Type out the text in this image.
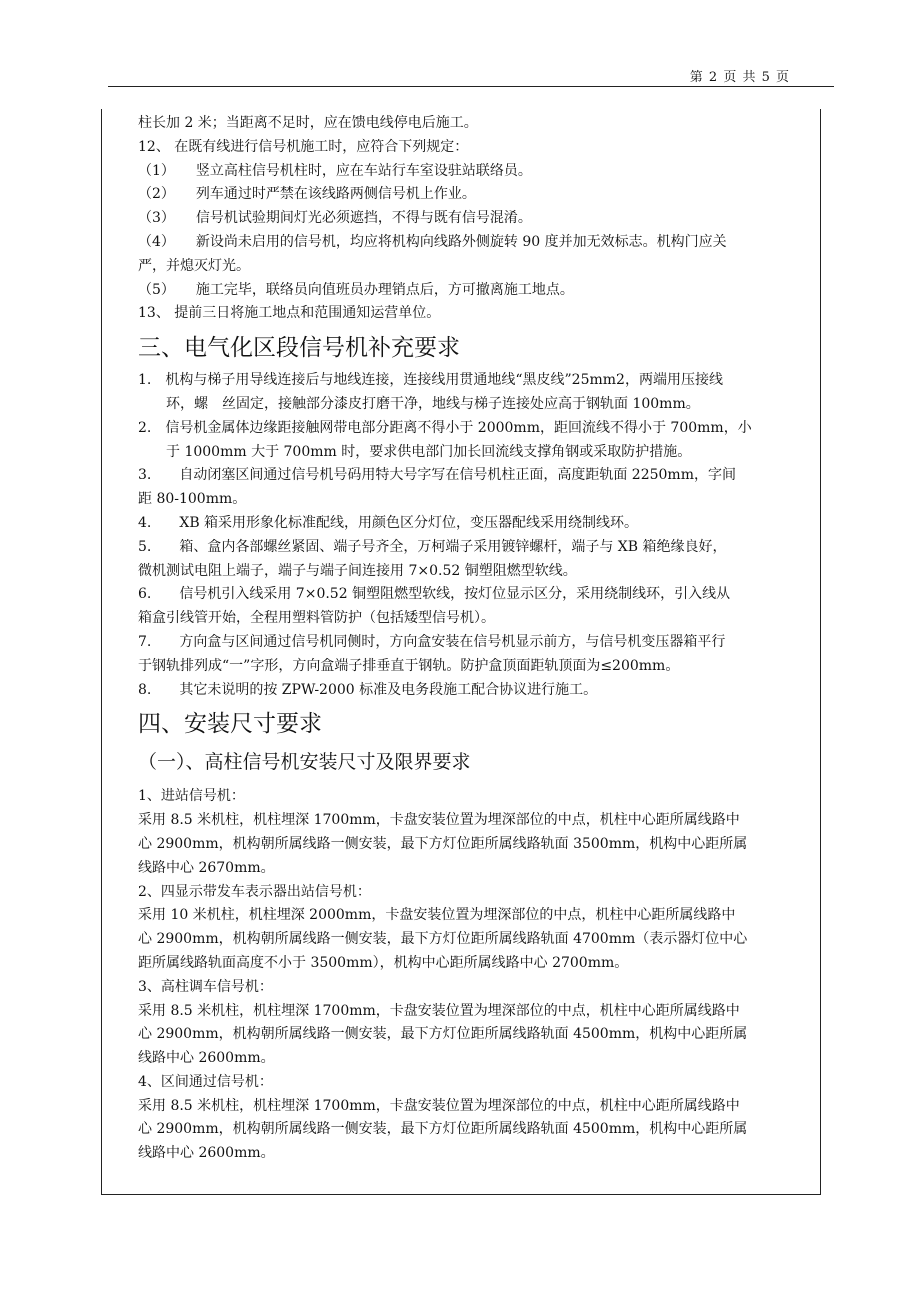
第 2 页 共 5 页
柱长加 2 米；当距离不足时，应在馈电线停电后施工。
12、 在既有线进行信号机施工时，应符合下列规定：
（1）　　竖立高柱信号机柱时，应在车站行车室设驻站联络员。
（2）　　列车通过时严禁在该线路两侧信号机上作业。
（3）　　信号机试验期间灯光必须遮挡，不得与既有信号混淆。
（4）　　新设尚未启用的信号机，均应将机构向线路外侧旋转 90 度并加无效标志。机构门应关
严，并熄灭灯光。
（5）　　施工完毕，联络员向值班员办理销点后，方可撤离施工地点。
13、 提前三日将施工地点和范围通知运营单位。
三、电气化区段信号机补充要求
1.　机构与梯子用导线连接后与地线连接，连接线用贯通地线“黑皮线”25mm2，两端用压接线
　　环，螺　丝固定，接触部分漆皮打磨干净，地线与梯子连接处应高于钢轨面 100mm。
2.　信号机金属体边缘距接触网带电部分距离不得小于 2000mm，距回流线不得小于 700mm，小
　　于 1000mm 大于 700mm 时，要求供电部门加长回流线支撑角钢或采取防护措施。
3.　　自动闭塞区间通过信号机号码用特大号字写在信号机柱正面，高度距轨面 2250mm，字间
距 80-100mm。
4.　　XB 箱采用形象化标准配线，用颜色区分灯位，变压器配线采用绕制线环。
5.　　箱、盒内各部螺丝紧固、端子号齐全，万柯端子采用镀锌螺杆，端子与 XB 箱绝缘良好，
微机测试电阻上端子，端子与端子间连接用 7×0.52 铜塑阻燃型软线。
6.　　信号机引入线采用 7×0.52 铜塑阻燃型软线，按灯位显示区分，采用绕制线环，引入线从
箱盒引线管开始，全程用塑料管防护（包括矮型信号机）。
7.　　方向盒与区间通过信号机同侧时，方向盒安装在信号机显示前方，与信号机变压器箱平行
于钢轨排列成“一”字形，方向盒端子排垂直于钢轨。防护盒顶面距轨顶面为≤200mm。
8.　　其它未说明的按 ZPW-2000 标准及电务段施工配合协议进行施工。
四、安装尺寸要求
（一）、高柱信号机安装尺寸及限界要求
1、进站信号机：
采用 8.5 米机柱，机柱埋深 1700mm，卡盘安装位置为埋深部位的中点，机柱中心距所属线路中
心 2900mm，机构朝所属线路一侧安装，最下方灯位距所属线路轨面 3500mm，机构中心距所属
线路中心 2670mm。
2、四显示带发车表示器出站信号机：
采用 10 米机柱，机柱埋深 2000mm，卡盘安装位置为埋深部位的中点，机柱中心距所属线路中
心 2900mm，机构朝所属线路一侧安装，最下方灯位距所属线路轨面 4700mm（表示器灯位中心
距所属线路轨面高度不小于 3500mm），机构中心距所属线路中心 2700mm。
3、高柱调车信号机：
采用 8.5 米机柱，机柱埋深 1700mm，卡盘安装位置为埋深部位的中点，机柱中心距所属线路中
心 2900mm，机构朝所属线路一侧安装，最下方灯位距所属线路轨面 4500mm，机构中心距所属
线路中心 2600mm。
4、区间通过信号机：
采用 8.5 米机柱，机柱埋深 1700mm，卡盘安装位置为埋深部位的中点，机柱中心距所属线路中
心 2900mm，机构朝所属线路一侧安装，最下方灯位距所属线路轨面 4500mm，机构中心距所属
线路中心 2600mm。
